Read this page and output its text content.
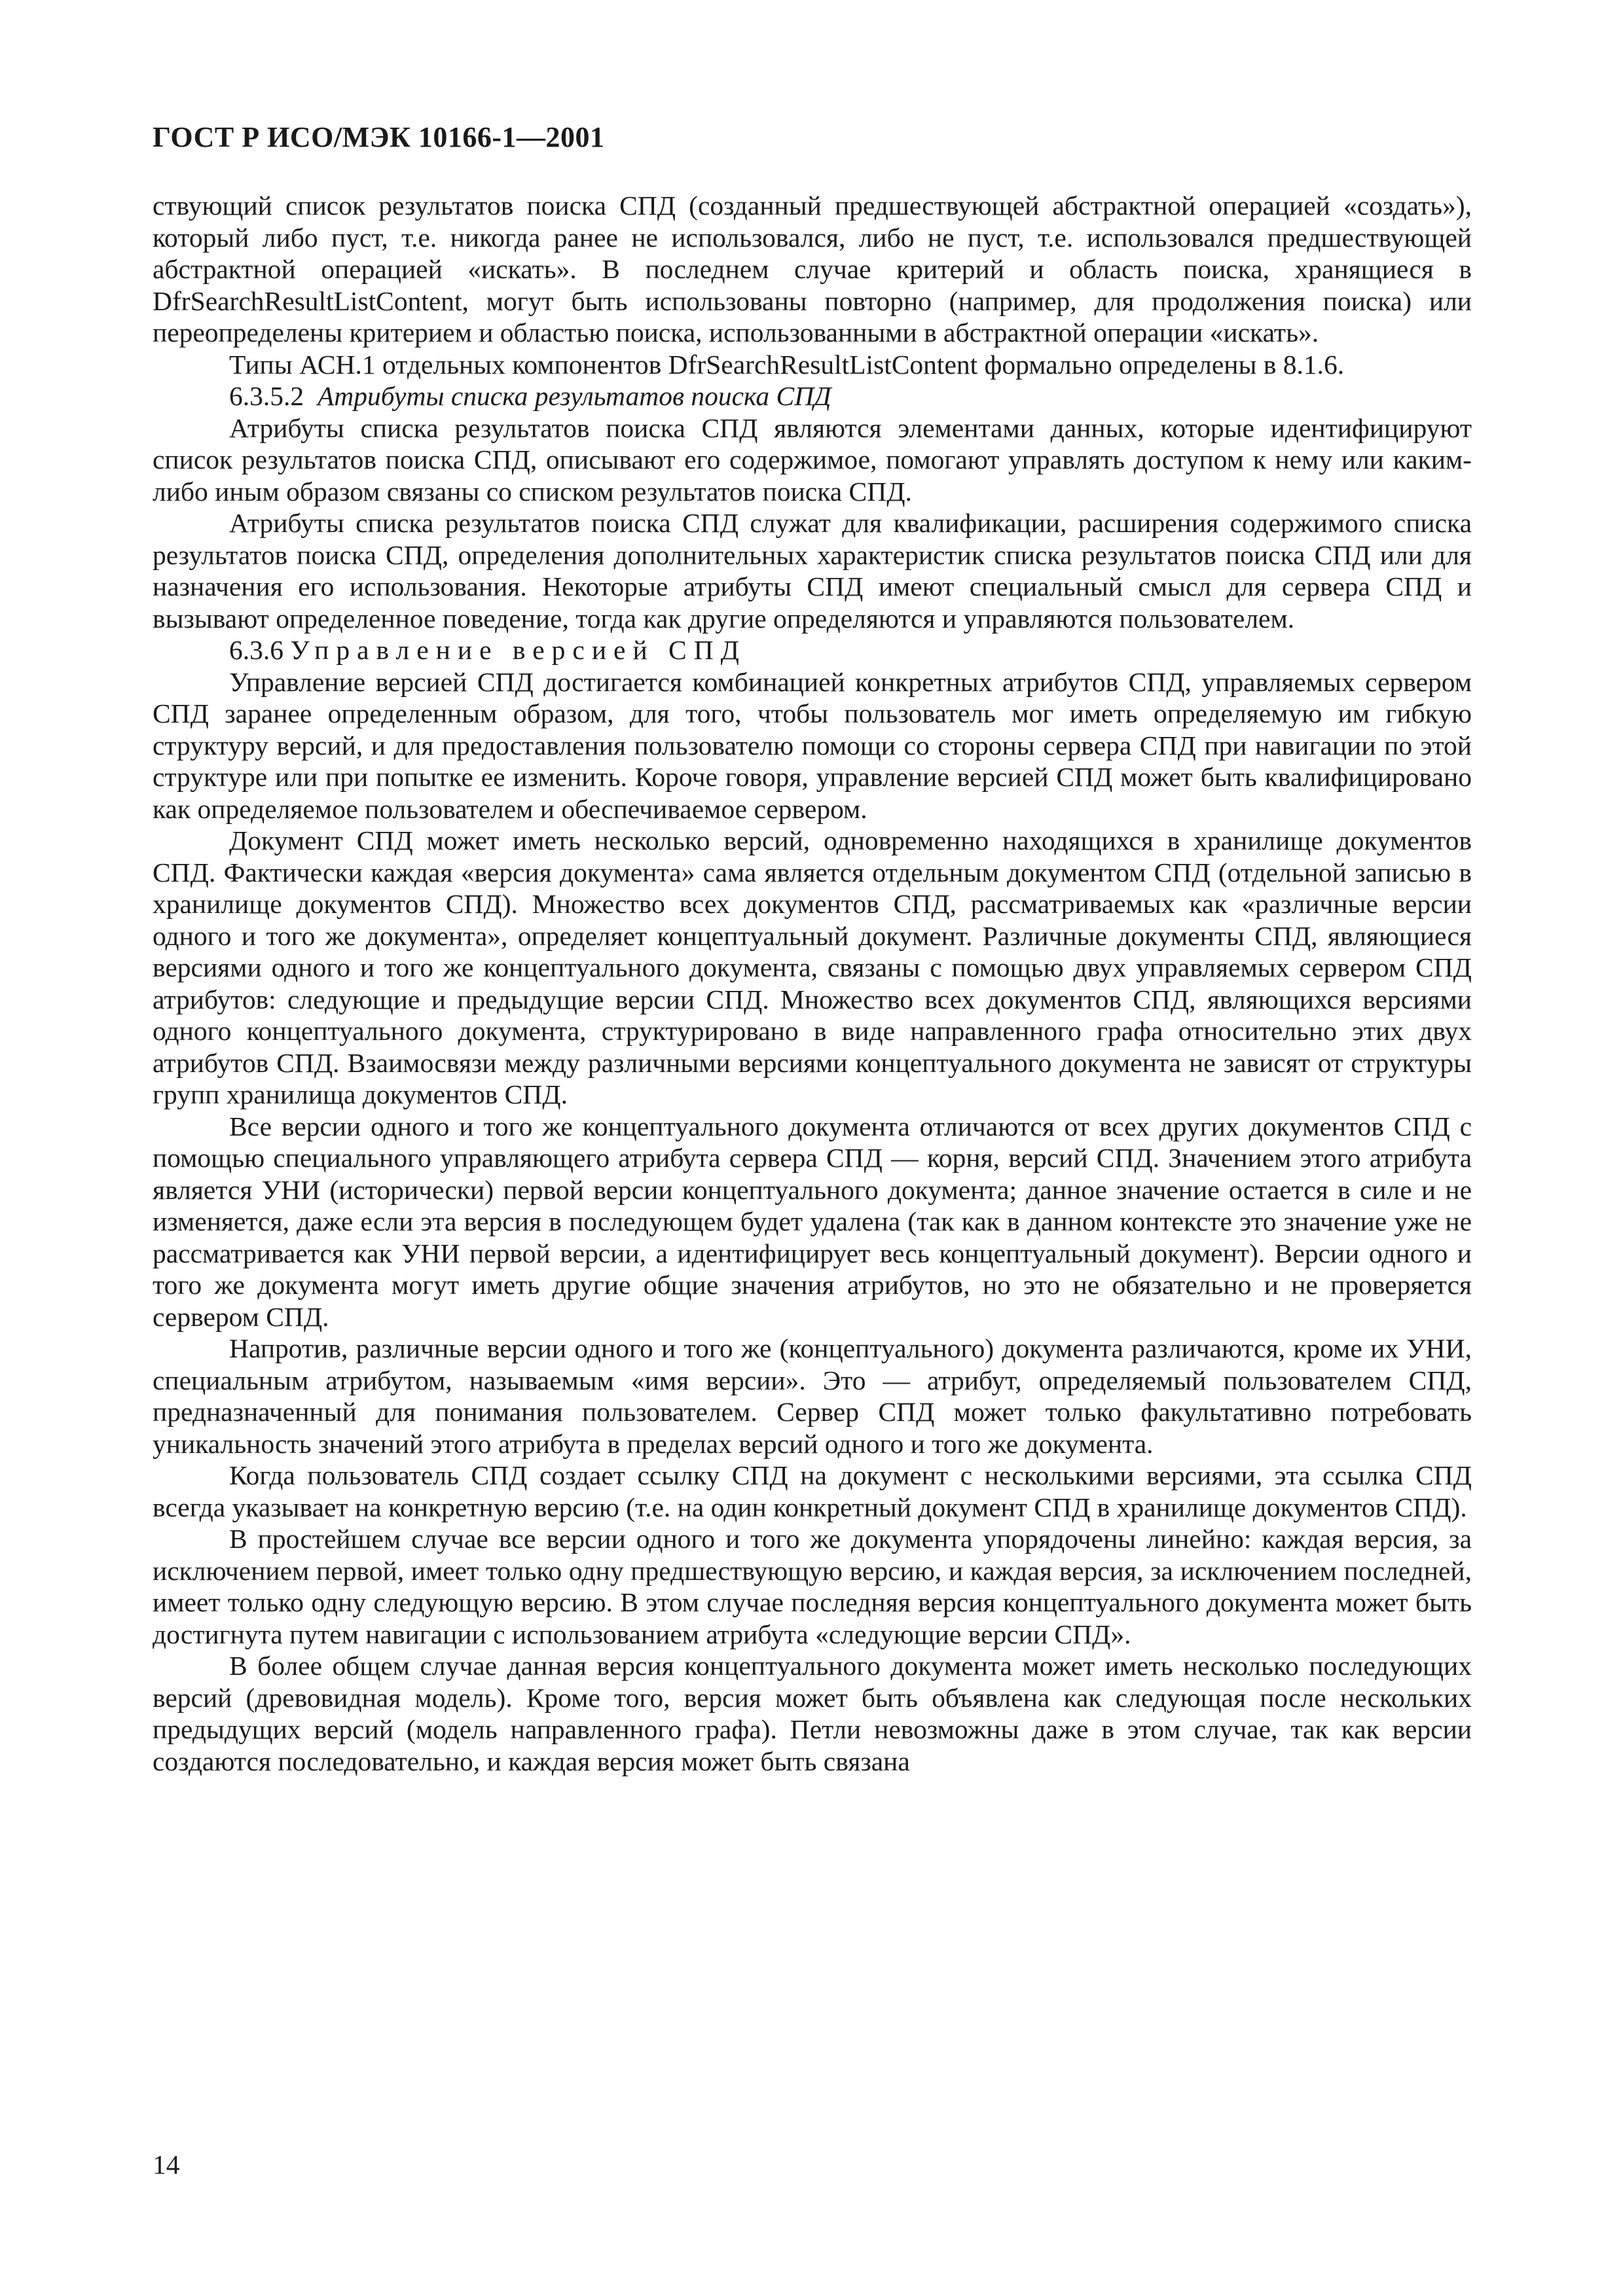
ГОСТ Р ИСО/МЭК 10166-1—2001

ствующий список результатов поиска СПД (созданный предшествующей абстрактной операцией «создать»), который либо пуст, т.е. никогда ранее не использовался, либо не пуст, т.е. использовался предшествующей абстрактной операцией «искать». В последнем случае критерий и область поиска, хранящиеся в DfrSearchResultListContent, могут быть использованы повторно (например, для продолжения поиска) или переопределены критерием и областью поиска, использованными в абстрактной операции «искать».

Типы АСН.1 отдельных компонентов DfrSearchResultListContent формально определены в 8.1.6.

6.3.5.2 Атрибуты списка результатов поиска СПД

Атрибуты списка результатов поиска СПД являются элементами данных, которые идентифицируют список результатов поиска СПД, описывают его содержимое, помогают управлять доступом к нему или каким-либо иным образом связаны со списком результатов поиска СПД.

Атрибуты списка результатов поиска СПД служат для квалификации, расширения содержимого списка результатов поиска СПД, определения дополнительных характеристик списка результатов поиска СПД или для назначения его использования. Некоторые атрибуты СПД имеют специальный смысл для сервера СПД и вызывают определенное поведение, тогда как другие определяются и управляются пользователем.

6.3.6 Управление версией СПД

Управление версией СПД достигается комбинацией конкретных атрибутов СПД, управляемых сервером СПД заранее определенным образом, для того, чтобы пользователь мог иметь определяемую им гибкую структуру версий, и для предоставления пользователю помощи со стороны сервера СПД при навигации по этой структуре или при попытке ее изменить. Короче говоря, управление версией СПД может быть квалифицировано как определяемое пользователем и обеспечиваемое сервером.

Документ СПД может иметь несколько версий, одновременно находящихся в хранилище документов СПД. Фактически каждая «версия документа» сама является отдельным документом СПД (отдельной записью в хранилище документов СПД). Множество всех документов СПД, рассматриваемых как «различные версии одного и того же документа», определяет концептуальный документ. Различные документы СПД, являющиеся версиями одного и того же концептуального документа, связаны с помощью двух управляемых сервером СПД атрибутов: следующие и предыдущие версии СПД. Множество всех документов СПД, являющихся версиями одного концептуального документа, структурировано в виде направленного графа относительно этих двух атрибутов СПД. Взаимосвязи между различными версиями концептуального документа не зависят от структуры групп хранилища документов СПД.

Все версии одного и того же концептуального документа отличаются от всех других документов СПД с помощью специального управляющего атрибута сервера СПД — корня, версий СПД. Значением этого атрибута является УНИ (исторически) первой версии концептуального документа; данное значение остается в силе и не изменяется, даже если эта версия в последующем будет удалена (так как в данном контексте это значение уже не рассматривается как УНИ первой версии, а идентифицирует весь концептуальный документ). Версии одного и того же документа могут иметь другие общие значения атрибутов, но это не обязательно и не проверяется сервером СПД.

Напротив, различные версии одного и того же (концептуального) документа различаются, кроме их УНИ, специальным атрибутом, называемым «имя версии». Это — атрибут, определяемый пользователем СПД, предназначенный для понимания пользователем. Сервер СПД может только факультативно потребовать уникальность значений этого атрибута в пределах версий одного и того же документа.

Когда пользователь СПД создает ссылку СПД на документ с несколькими версиями, эта ссылка СПД всегда указывает на конкретную версию (т.е. на один конкретный документ СПД в хранилище документов СПД).

В простейшем случае все версии одного и того же документа упорядочены линейно: каждая версия, за исключением первой, имеет только одну предшествующую версию, и каждая версия, за исключением последней, имеет только одну следующую версию. В этом случае последняя версия концептуального документа может быть достигнута путем навигации с использованием атрибута «следующие версии СПД».

В более общем случае данная версия концептуального документа может иметь несколько последующих версий (древовидная модель). Кроме того, версия может быть объявлена как следующая после нескольких предыдущих версий (модель направленного графа). Петли невозможны даже в этом случае, так как версии создаются последовательно, и каждая версия может быть связана

14
